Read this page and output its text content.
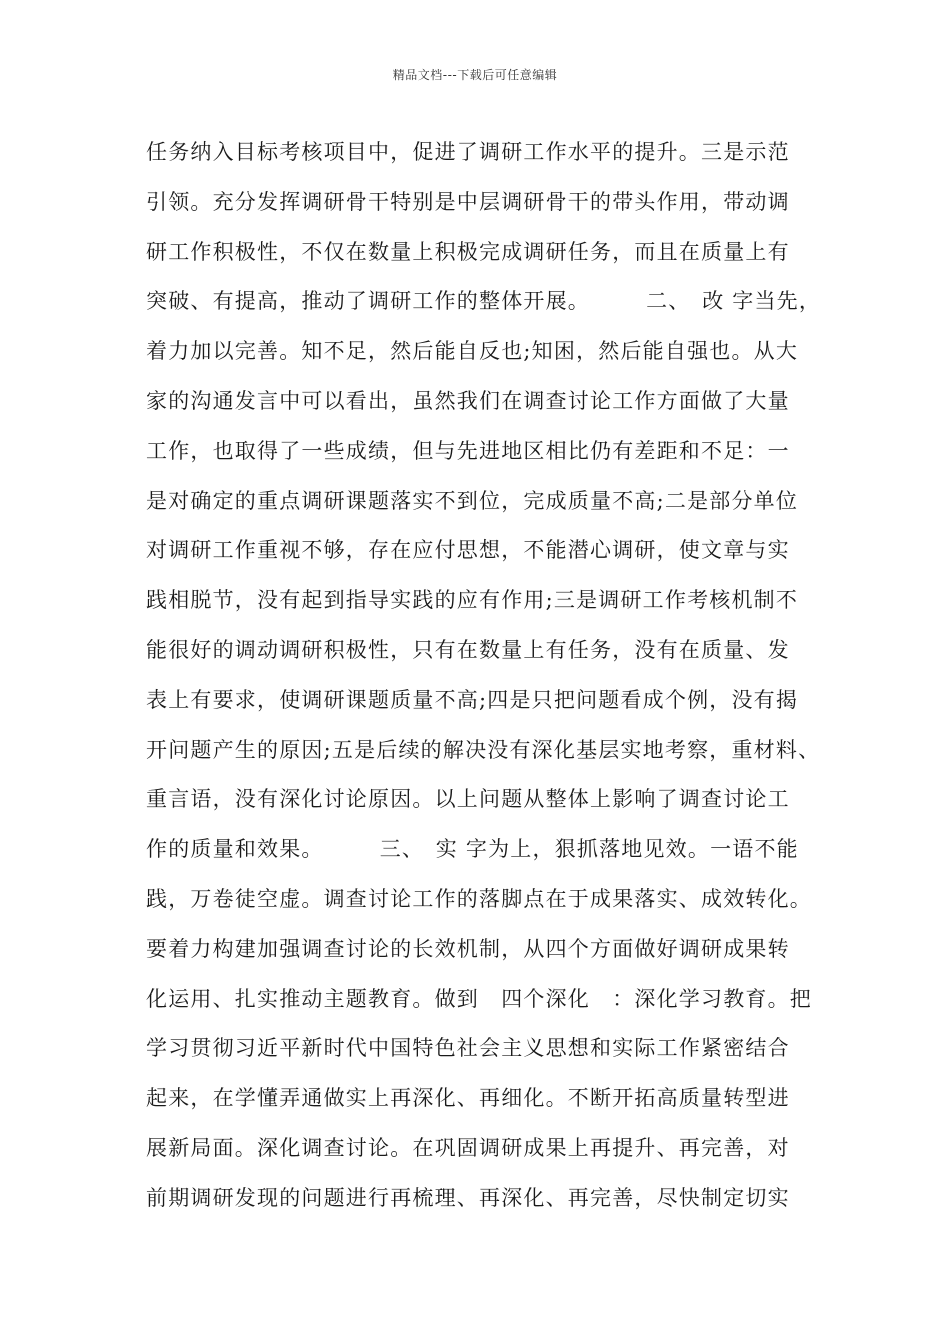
精品文档---下载后可任意编辑
任务纳入目标考核项目中，促进了调研工作水平的提升。三是示范
引领。充分发挥调研骨干特别是中层调研骨干的带头作用，带动调
研工作积极性，不仅在数量上积极完成调研任务，而且在质量上有
突破、有提高，推动了调研工作的整体开展。　　　二、　改 字当先，
着力加以完善。知不足，然后能自反也;知困，然后能自强也。从大
家的沟通发言中可以看出，虽然我们在调查讨论工作方面做了大量
工作，也取得了一些成绩，但与先进地区相比仍有差距和不足：一
是对确定的重点调研课题落实不到位，完成质量不高;二是部分单位
对调研工作重视不够，存在应付思想，不能潜心调研，使文章与实
践相脱节，没有起到指导实践的应有作用;三是调研工作考核机制不
能很好的调动调研积极性，只有在数量上有任务，没有在质量、发
表上有要求，使调研课题质量不高;四是只把问题看成个例，没有揭
开问题产生的原因;五是后续的解决没有深化基层实地考察，重材料、
重言语，没有深化讨论原因。以上问题从整体上影响了调查讨论工
作的质量和效果。　　　三、　实 字为上，狠抓落地见效。一语不能
践，万卷徒空虚。调查讨论工作的落脚点在于成果落实、成效转化。
要着力构建加强调查讨论的长效机制，从四个方面做好调研成果转
化运用、扎实推动主题教育。做到　四个深化　：深化学习教育。把
学习贯彻习近平新时代中国特色社会主义思想和实际工作紧密结合
起来，在学懂弄通做实上再深化、再细化。不断开拓高质量转型进
展新局面。深化调查讨论。在巩固调研成果上再提升、再完善，对
前期调研发现的问题进行再梳理、再深化、再完善，尽快制定切实
